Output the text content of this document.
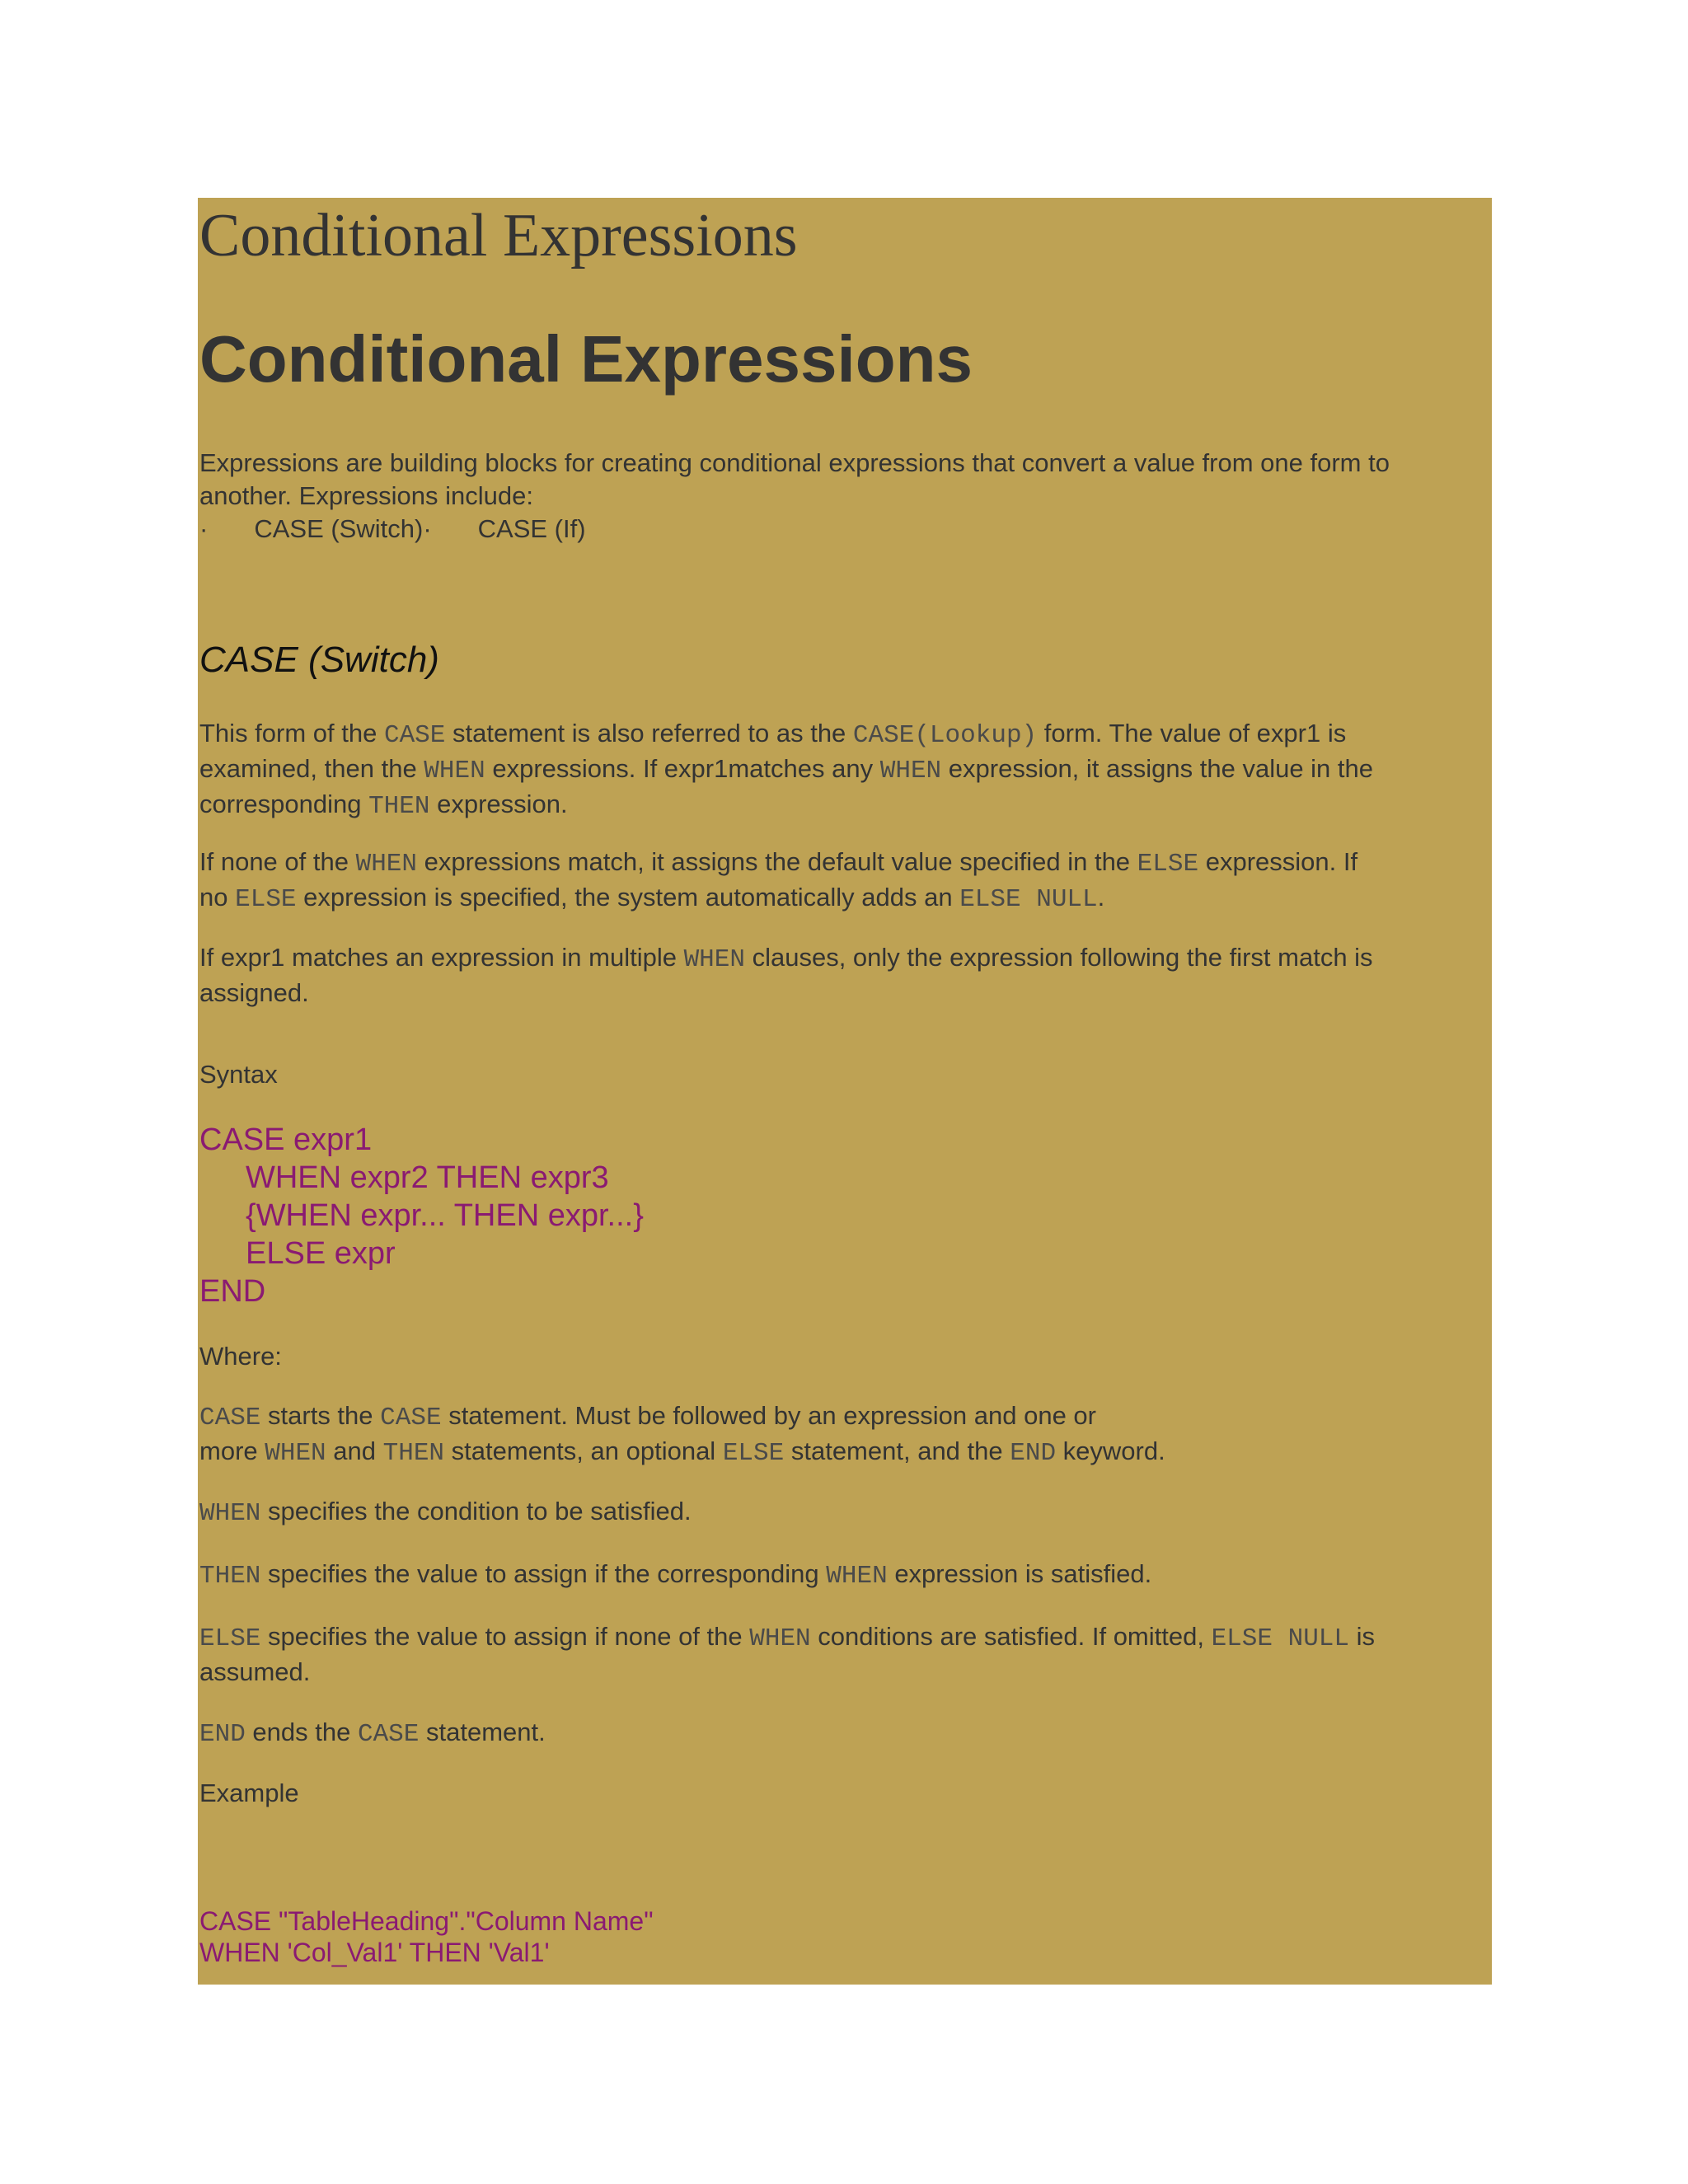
Conditional Expressions
Conditional Expressions
Expressions are building blocks for creating conditional expressions that convert a value from one form to
another. Expressions include:
· CASE (Switch)· CASE (If)
CASE (Switch)
This form of the CASE statement is also referred to as the CASE(Lookup) form. The value of expr1 is
examined, then the WHEN expressions. If expr1matches any WHEN expression, it assigns the value in the
corresponding THEN expression.
If none of the WHEN expressions match, it assigns the default value specified in the ELSE expression. If
no ELSE expression is specified, the system automatically adds an ELSE NULL.
If expr1 matches an expression in multiple WHEN clauses, only the expression following the first match is
assigned.
Syntax
CASE expr1
WHEN expr2 THEN expr3
{WHEN expr... THEN expr...}
ELSE expr
END
Where:
CASE starts the CASE statement. Must be followed by an expression and one or
more WHEN and THEN statements, an optional ELSE statement, and the END keyword.
WHEN specifies the condition to be satisfied.
THEN specifies the value to assign if the corresponding WHEN expression is satisfied.
ELSE specifies the value to assign if none of the WHEN conditions are satisfied. If omitted, ELSE NULL is
assumed.
END ends the CASE statement.
Example
CASE "TableHeading"."Column Name"
WHEN 'Col_Val1' THEN 'Val1'
